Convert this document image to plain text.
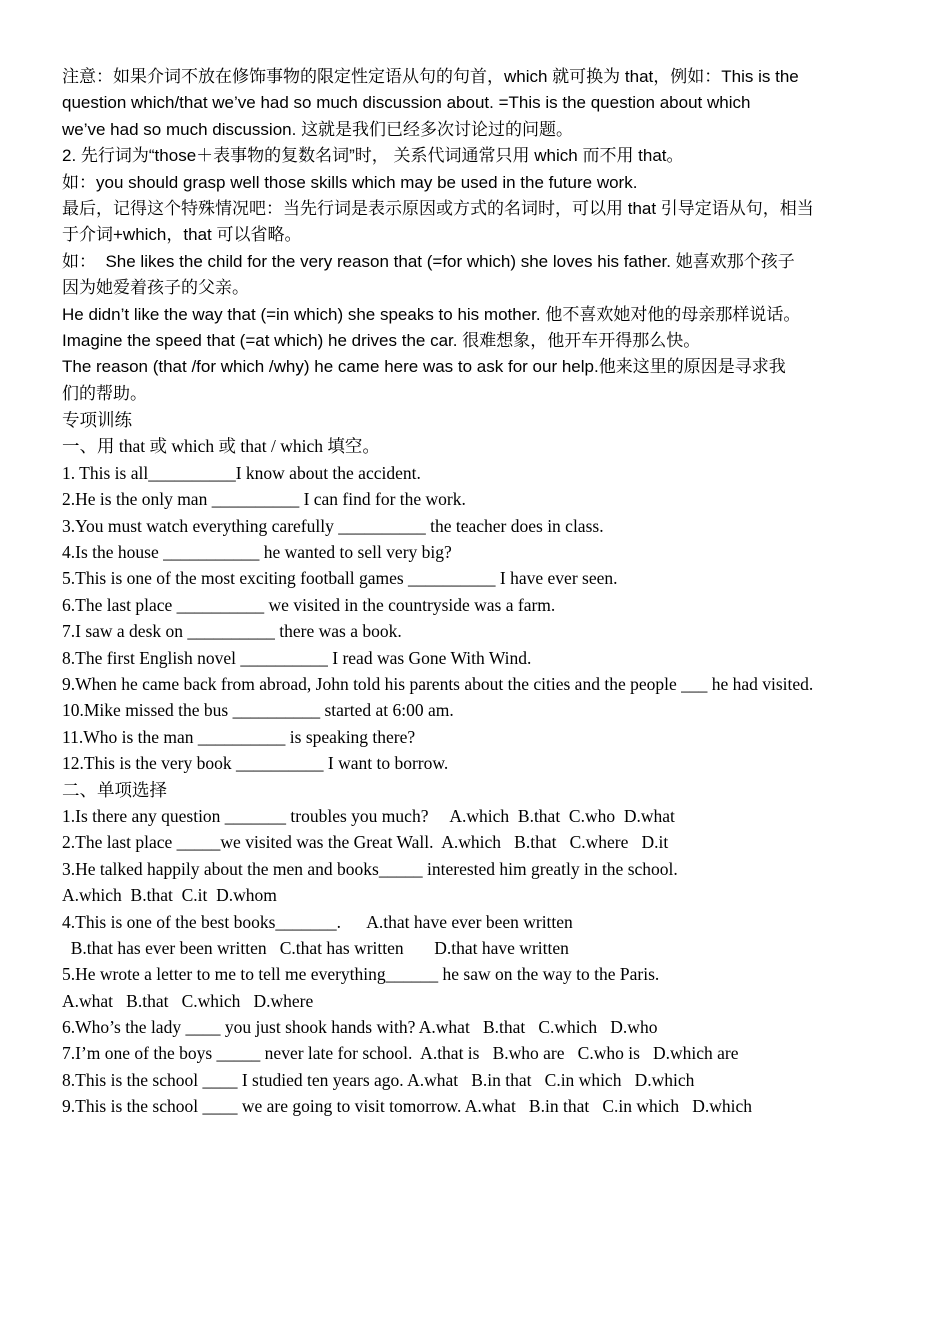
注意：如果介词不放在修饰事物的限定性定语从句的句首，which 就可换为 that，例如：This is the
question which/that we’ve had so much discussion about. =This is the question about which
we’ve had so much discussion. 这就是我们已经多次讨论过的问题。
2. 先行词为“those＋表事物的复数名词”时， 关系代词通常只用 which 而不用 that。
如：you should grasp well those skills which may be used in the future work.
最后，记得这个特殊情况吧：当先行词是表示原因或方式的名词时，可以用 that 引导定语从句，相当
于介词+which，that 可以省略。
如：  She likes the child for the very reason that (=for which) she loves his father. 她喜欢那个孩子
因为她爱着孩子的父亲。
He didn’t like the way that (=in which) she speaks to his mother. 他不喜欢她对他的母亲那样说话。
Imagine the speed that (=at which) he drives the car. 很难想象，他开车开得那么快。
The reason (that /for which /why) he came here was to ask for our help.他来这里的原因是寻求我
们的帮助。
专项训练
一、用 that 或 which 或 that / which 填空。
1. This is all__________I know about the accident.
2.He is the only man __________ I can find for the work.
3.You must watch everything carefully __________ the teacher does in class.
4.Is the house ___________ he wanted to sell very big?
5.This is one of the most exciting football games __________ I have ever seen.
6.The last place __________ we visited in the countryside was a farm.
7.I saw a desk on __________ there was a book.
8.The first English novel __________ I read was Gone With Wind.
9.When he came back from abroad, John told his parents about the cities and the people ___ he had visited.
10.Mike missed the bus __________ started at 6:00 am.
11.Who is the man __________ is speaking there?
12.This is the very book __________ I want to borrow.
二、单项选择
1.Is there any question _______ troubles you much?     A.which  B.that  C.who  D.what
2.The last place _____we visited was the Great Wall.  A.which   B.that   C.where   D.it
3.He talked happily about the men and books_____ interested him greatly in the school.
A.which  B.that  C.it  D.whom
4.This is one of the best books_______.      A.that have ever been written
B.that has ever been written   C.that has written       D.that have written
5.He wrote a letter to me to tell me everything______ he saw on the way to the Paris.
A.what   B.that   C.which   D.where
6.Who’s the lady ____ you just shook hands with? A.what   B.that   C.which   D.who
7.I’m one of the boys _____ never late for school.  A.that is   B.who are   C.who is   D.which are
8.This is the school ____ I studied ten years ago. A.what   B.in that   C.in which   D.which
9.This is the school ____ we are going to visit tomorrow. A.what   B.in that   C.in which   D.which
